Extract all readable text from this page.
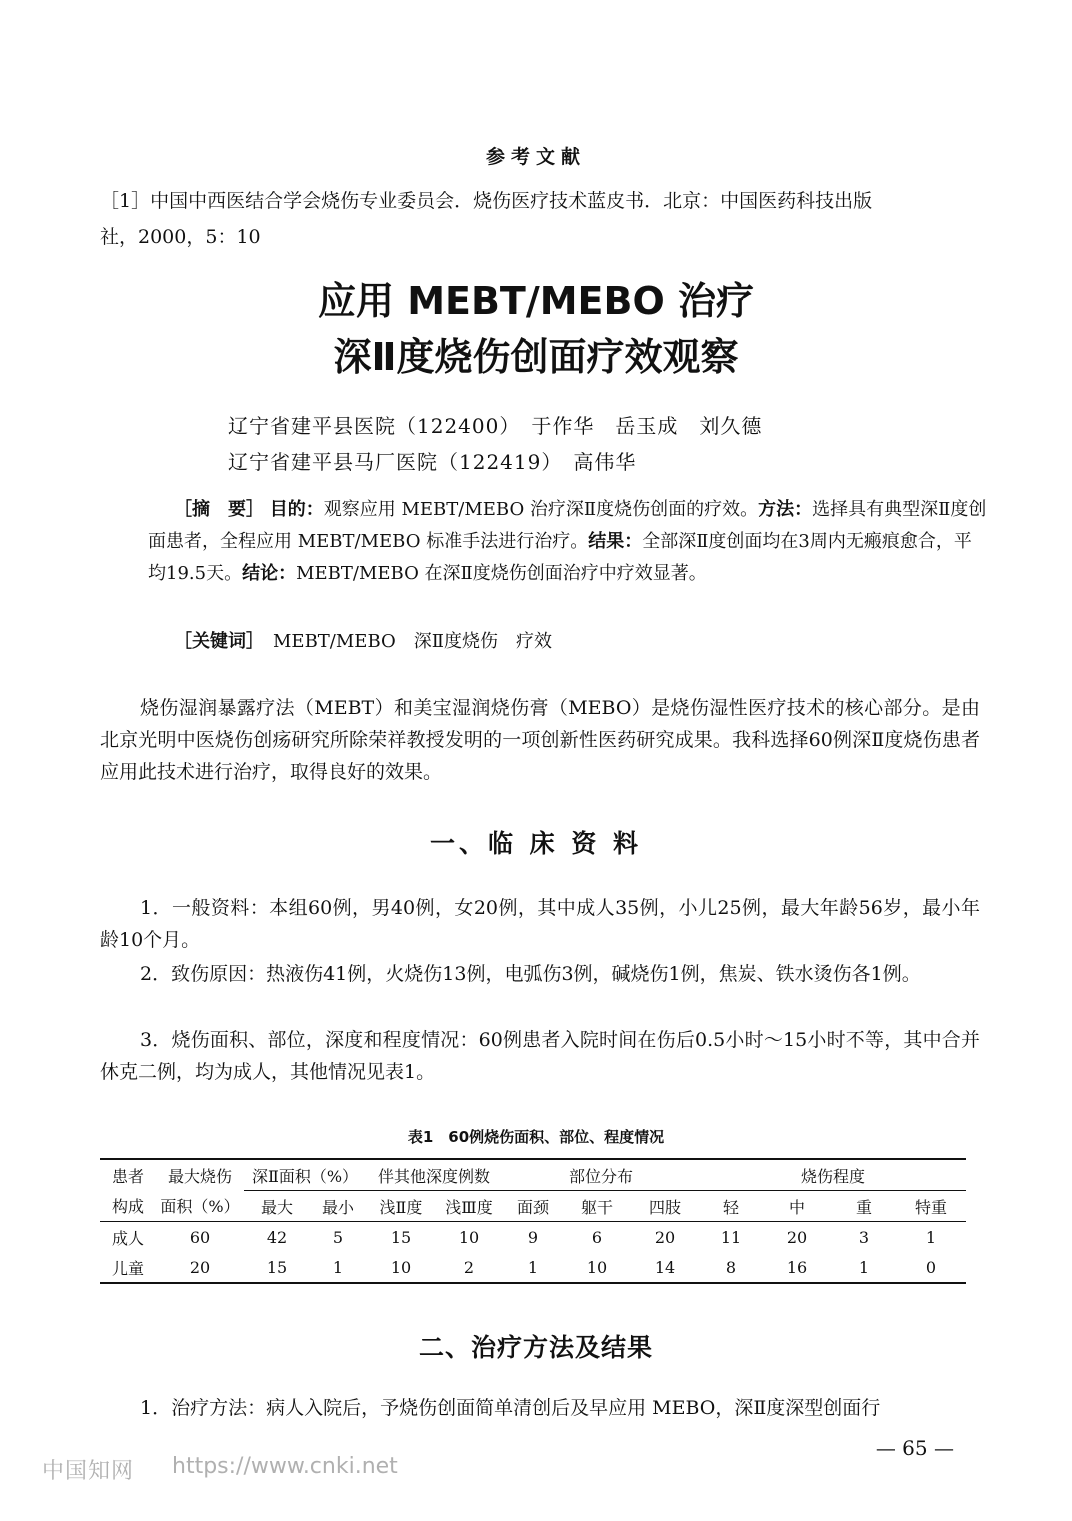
参考文献
［1］中国中西医结合学会烧伤专业委员会．烧伤医疗技术蓝皮书．北京：中国医药科技出版
社，2000，5：10
应用 MEBT/MEBO 治疗
深Ⅱ度烧伤创面疗效观察
辽宁省建平县医院（122400）　于作华　岳玉成　刘久德
辽宁省建平县马厂医院（122419）　高伟华
［摘　要］ 目的：观察应用 MEBT/MEBO 治疗深Ⅱ度烧伤创面的疗效。方法：选择具有典型深Ⅱ度创面患者，全程应用 MEBT/MEBO 标准手法进行治疗。结果：全部深Ⅱ度创面均在3周内无瘢痕愈合，平均19.5天。结论：MEBT/MEBO 在深Ⅱ度烧伤创面治疗中疗效显著。
［关键词］　 MEBT/MEBO　深Ⅱ度烧伤　疗效
烧伤湿润暴露疗法（MEBT）和美宝湿润烧伤膏（MEBO）是烧伤湿性医疗技术的核心部分。是由北京光明中医烧伤创疡研究所除荣祥教授发明的一项创新性医药研究成果。我科选择60例深Ⅱ度烧伤患者应用此技术进行治疗，取得良好的效果。
一、临 床 资 料
1．一般资料：本组60例，男40例，女20例，其中成人35例，小儿25例，最大年龄56岁，最小年龄10个月。
2．致伤原因：热液伤41例，火烧伤13例，电弧伤3例，碱烧伤1例，焦炭、铁水烫伤各1例。
3．烧伤面积、部位，深度和程度情况：60例患者入院时间在伤后0.5小时～15小时不等，其中合并休克二例，均为成人，其他情况见表1。
表1　60例烧伤面积、部位、程度情况
患者	最大烧伤	深Ⅱ面积（%）		伴其他深度例数		部位分布			烧伤程度			
构成	面积（%）	最大	最小	浅Ⅱ度	浅Ⅲ度	面颈	躯干	四肢	轻	中	重	特重
成人	60	42	5	15	10	9	6	20	11	20	3	1
儿童	20	15	1	10	2	1	10	14	8	16	1	0
二、治疗方法及结果
1．治疗方法：病人入院后，予烧伤创面简单清创后及早应用 MEBO，深Ⅱ度深型创面行
— 65 —
中国知网 https://www.cnki.net
